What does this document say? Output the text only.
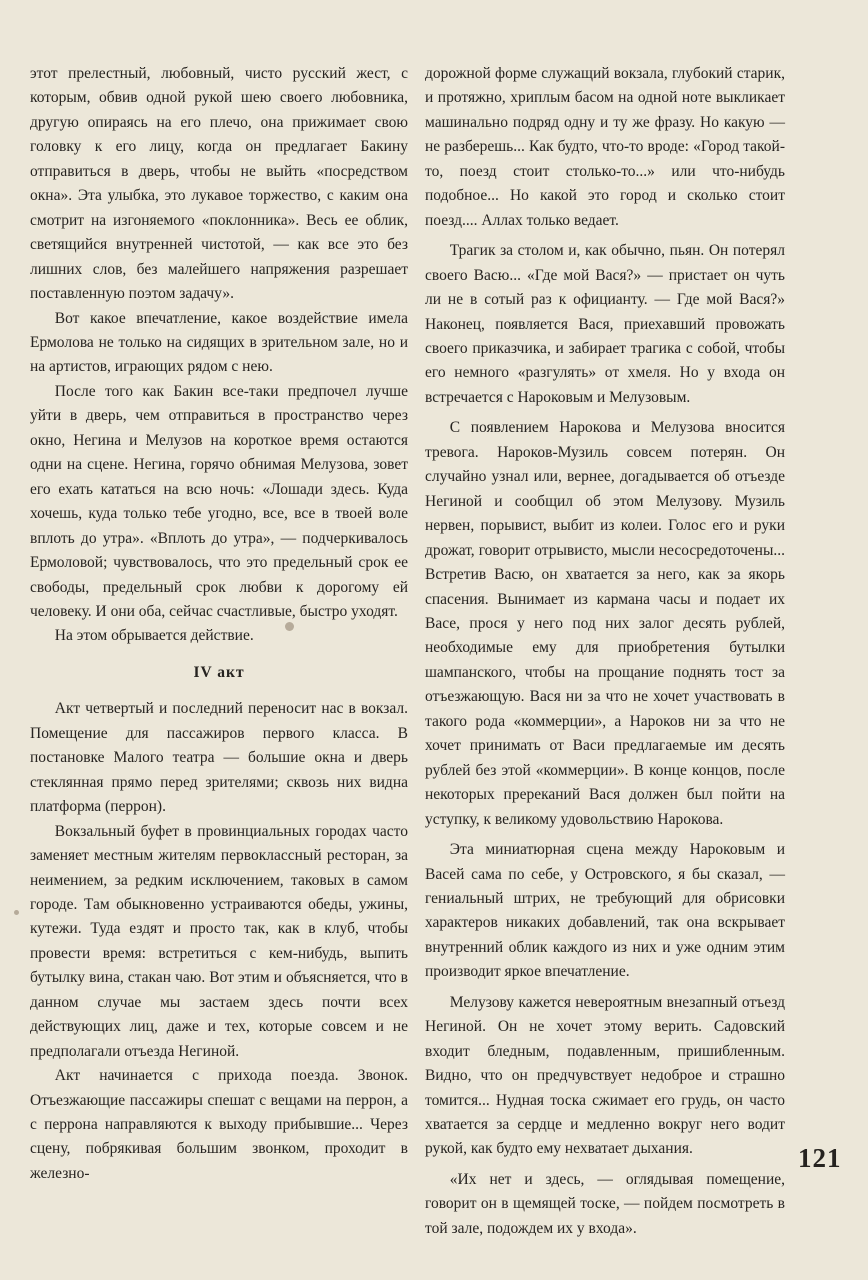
этот прелестный, любовный, чисто русский жест, с которым, обвив одной рукой шею своего любовника, другую опираясь на его плечо, она прижимает свою головку к его лицу, когда он предлагает Бакину отправиться в дверь, чтобы не выйть «посредством окна». Эта улыбка, это лукавое торжество, с каким она смотрит на изгоняемого «поклонника». Весь ее облик, светящийся внутренней чистотой, — как все это без лишних слов, без малейшего напряжения разрешает поставленную поэтом задачу».

Вот какое впечатление, какое воздействие имела Ермолова не только на сидящих в зрительном зале, но и на артистов, играющих рядом с нею.

После того как Бакин все-таки предпочел лучше уйти в дверь, чем отправиться в пространство через окно, Негина и Мелузов на короткое время остаются одни на сцене. Негина, горячо обнимая Мелузова, зовет его ехать кататься на всю ночь: «Лошади здесь. Куда хочешь, куда только тебе угодно, все, все в твоей воле вплоть до утра». «Вплоть до утра», — подчеркивалось Ермоловой; чувствовалось, что это предельный срок ее свободы, предельный срок любви к дорогому ей человеку. И они оба, сейчас счастливые, быстро уходят.

На этом обрывается действие.

IV акт

Акт четвертый и последний переносит нас в вокзал. Помещение для пассажиров первого класса. В постановке Малого театра — большие окна и дверь стеклянная прямо перед зрителями; сквозь них видна платформа (перрон).

Вокзальный буфет в провинциальных городах часто заменяет местным жителям первоклассный ресторан, за неимением, за редким исключением, таковых в самом городе. Там обыкновенно устраиваются обеды, ужины, кутежи. Туда ездят и просто так, как в клуб, чтобы провести время: встретиться с кем-нибудь, выпить бутылку вина, стакан чаю. Вот этим и объясняется, что в данном случае мы застаем здесь почти всех действующих лиц, даже и тех, которые совсем и не предполагали отъезда Негиной.

Акт начинается с прихода поезда. Звонок. Отъезжающие пассажиры спешат с вещами на перрон, а с перрона направляются к выходу прибывшие... Через сцену, побрякивая большим звонком, проходит в железно-

дорожной форме служащий вокзала, глубокий старик, и протяжно, хриплым басом на одной ноте выкликает машинально подряд одну и ту же фразу. Но какую — не разберешь... Как будто, что-то вроде: «Город такой-то, поезд стоит столько-то...» или что-нибудь подобное... Но какой это город и сколько стоит поезд.... Аллах только ведает.

Трагик за столом и, как обычно, пьян. Он потерял своего Васю... «Где мой Вася?» — пристает он чуть ли не в сотый раз к официанту. — Где мой Вася?» Наконец, появляется Вася, приехавший провожать своего приказчика, и забирает трагика с собой, чтобы его немного «разгулять» от хмеля. Но у входа он встречается с Нароковым и Мелузовым.

С появлением Нарокова и Мелузова вносится тревога. Нароков-Музиль совсем потерян. Он случайно узнал или, вернее, догадывается об отъезде Негиной и сообщил об этом Мелузову. Музиль нервен, порывист, выбит из колеи. Голос его и руки дрожат, говорит отрывисто, мысли несосредоточены... Встретив Васю, он хватается за него, как за якорь спасения. Вынимает из кармана часы и подает их Васе, прося у него под них залог десять рублей, необходимые ему для приобретения бутылки шампанского, чтобы на прощание поднять тост за отъезжающую. Вася ни за что не хочет участвовать в такого рода «коммерции», а Нароков ни за что не хочет принимать от Васи предлагаемые им десять рублей без этой «коммерции». В конце концов, после некоторых пререканий Вася должен был пойти на уступку, к великому удовольствию Нарокова.

Эта миниатюрная сцена между Нароковым и Васей сама по себе, у Островского, я бы сказал, — гениальный штрих, не требующий для обрисовки характеров никаких добавлений, так она вскрывает внутренний облик каждого из них и уже одним этим производит яркое впечатление.

Мелузову кажется невероятным внезапный отъезд Негиной. Он не хочет этому верить. Садовский входит бледным, подавленным, пришибленным. Видно, что он предчувствует недоброе и страшно томится... Нудная тоска сжимает его грудь, он часто хватается за сердце и медленно вокруг него водит рукой, как будто ему нехватает дыхания.

«Их нет и здесь, — оглядывая помещение, говорит он в щемящей тоске, — пойдем посмотреть в той зале, подождем их у входа».

121
